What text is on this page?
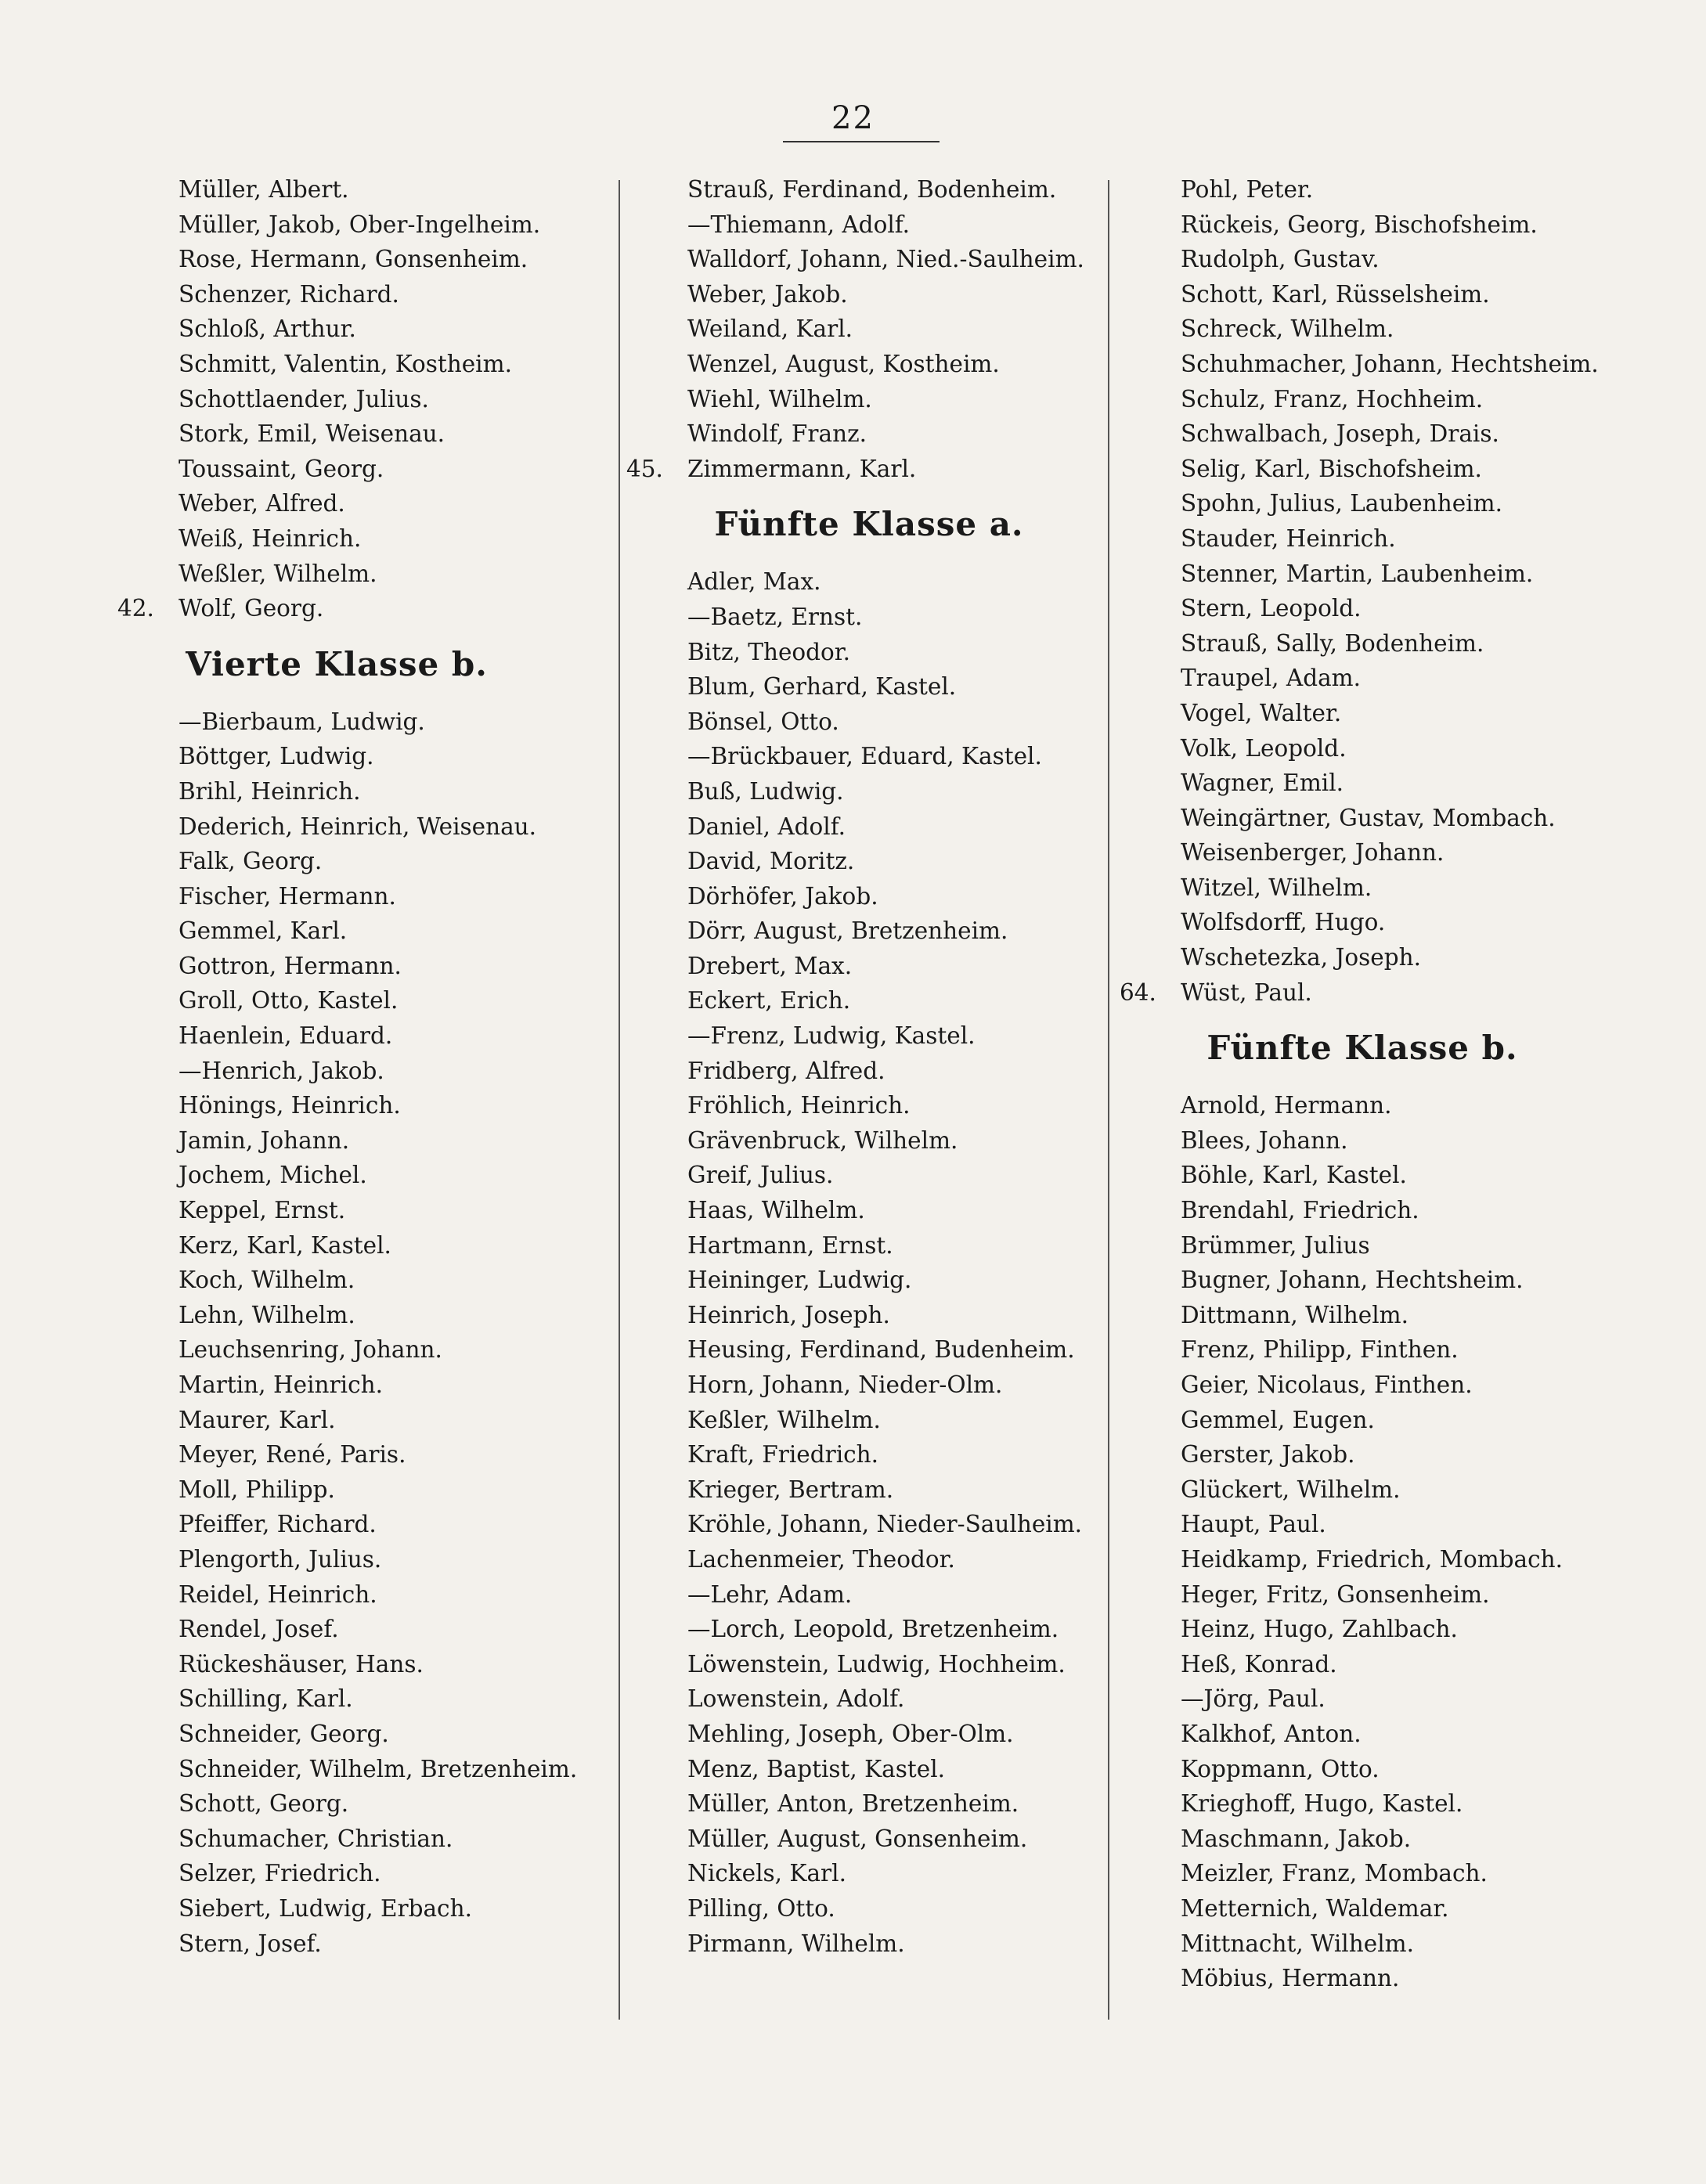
22
Müller, Albert.
Müller, Jakob, Ober-Ingelheim.
Rose, Hermann, Gonsenheim.
Schenzer, Richard.
Schloß, Arthur.
Schmitt, Valentin, Kostheim.
Schottlaender, Julius.
Stork, Emil, Weisenau.
Toussaint, Georg.
Weber, Alfred.
Weiß, Heinrich.
Weßler, Wilhelm.
42. Wolf, Georg.
Vierte Klasse b.
—Bierbaum, Ludwig.
Böttger, Ludwig.
Brihl, Heinrich.
Dederich, Heinrich, Weisenau.
Falk, Georg.
Fischer, Hermann.
Gemmel, Karl.
Gottron, Hermann.
Groll, Otto, Kastel.
Haenlein, Eduard.
—Henrich, Jakob.
Hönings, Heinrich.
Jamin, Johann.
Jochem, Michel.
Keppel, Ernst.
Kerz, Karl, Kastel.
Koch, Wilhelm.
Lehn, Wilhelm.
Leuchsenring, Johann.
Martin, Heinrich.
Maurer, Karl.
Meyer, René, Paris.
Moll, Philipp.
Pfeiffer, Richard.
Plengorth, Julius.
Reidel, Heinrich.
Rendel, Josef.
Rückeshäuser, Hans.
Schilling, Karl.
Schneider, Georg.
Schneider, Wilhelm, Bretzenheim.
Schott, Georg.
Schumacher, Christian.
Selzer, Friedrich.
Siebert, Ludwig, Erbach.
Stern, Josef.
Strauß, Ferdinand, Bodenheim.
—Thiemann, Adolf.
Walldorf, Johann, Nied.-Saulheim.
Weber, Jakob.
Weiland, Karl.
Wenzel, August, Kostheim.
Wiehl, Wilhelm.
Windolf, Franz.
45. Zimmermann, Karl.
Fünfte Klasse a.
Adler, Max.
—Baetz, Ernst.
Bitz, Theodor.
Blum, Gerhard, Kastel.
Bönsel, Otto.
—Brückbauer, Eduard, Kastel.
Buß, Ludwig.
Daniel, Adolf.
David, Moritz.
Dörhöfer, Jakob.
Dörr, August, Bretzenheim.
Drebert, Max.
Eckert, Erich.
—Frenz, Ludwig, Kastel.
Fridberg, Alfred.
Fröhlich, Heinrich.
Grävenbruck, Wilhelm.
Greif, Julius.
Haas, Wilhelm.
Hartmann, Ernst.
Heininger, Ludwig.
Heinrich, Joseph.
Heusing, Ferdinand, Budenheim.
Horn, Johann, Nieder-Olm.
Keßler, Wilhelm.
Kraft, Friedrich.
Krieger, Bertram.
Kröhle, Johann, Nieder-Saulheim.
Lachenmeier, Theodor.
—Lehr, Adam.
—Lorch, Leopold, Bretzenheim.
Löwenstein, Ludwig, Hochheim.
Lowenstein, Adolf.
Mehling, Joseph, Ober-Olm.
Menz, Baptist, Kastel.
Müller, Anton, Bretzenheim.
Müller, August, Gonsenheim.
Nickels, Karl.
Pilling, Otto.
Pirmann, Wilhelm.
Pohl, Peter.
Rückeis, Georg, Bischofsheim.
Rudolph, Gustav.
Schott, Karl, Rüsselsheim.
Schreck, Wilhelm.
Schuhmacher, Johann, Hechtsheim.
Schulz, Franz, Hochheim.
Schwalbach, Joseph, Drais.
Selig, Karl, Bischofsheim.
Spohn, Julius, Laubenheim.
Stauder, Heinrich.
Stenner, Martin, Laubenheim.
Stern, Leopold.
Strauß, Sally, Bodenheim.
Traupel, Adam.
Vogel, Walter.
Volk, Leopold.
Wagner, Emil.
Weingärtner, Gustav, Mombach.
Weisenberger, Johann.
Witzel, Wilhelm.
Wolfsdorff, Hugo.
Wschetezka, Joseph.
64. Wüst, Paul.
Fünfte Klasse b.
Arnold, Hermann.
Blees, Johann.
Böhle, Karl, Kastel.
Brendahl, Friedrich.
Brümmer, Julius
Bugner, Johann, Hechtsheim.
Dittmann, Wilhelm.
Frenz, Philipp, Finthen.
Geier, Nicolaus, Finthen.
Gemmel, Eugen.
Gerster, Jakob.
Glückert, Wilhelm.
Haupt, Paul.
Heidkamp, Friedrich, Mombach.
Heger, Fritz, Gonsenheim.
Heinz, Hugo, Zahlbach.
Heß, Konrad.
—Jörg, Paul.
Kalkhof, Anton.
Koppmann, Otto.
Krieghoff, Hugo, Kastel.
Maschmann, Jakob.
Meizler, Franz, Mombach.
Metternich, Waldemar.
Mittnacht, Wilhelm.
Möbius, Hermann.
